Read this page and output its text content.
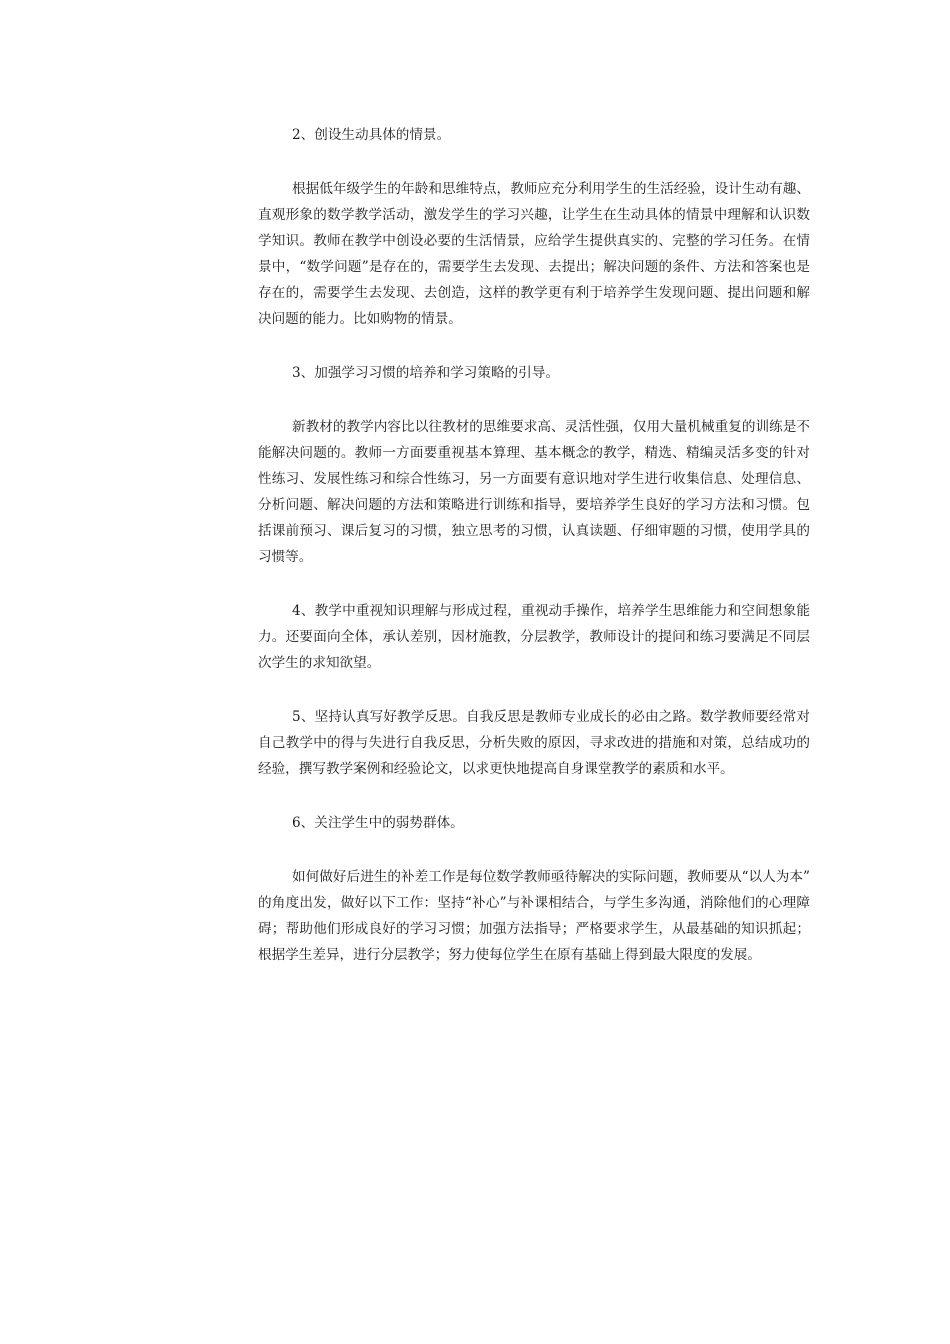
2、创设生动具体的情景。

根据低年级学生的年龄和思维特点，教师应充分利用学生的生活经验，设计生动有趣、直观形象的数学教学活动，激发学生的学习兴趣，让学生在生动具体的情景中理解和认识数学知识。教师在教学中创设必要的生活情景，应给学生提供真实的、完整的学习任务。在情景中，“数学问题”是存在的，需要学生去发现、去提出；解决问题的条件、方法和答案也是存在的，需要学生去发现、去创造，这样的教学更有利于培养学生发现问题、提出问题和解决问题的能力。比如购物的情景。

3、加强学习习惯的培养和学习策略的引导。

新教材的教学内容比以往教材的思维要求高、灵活性强，仅用大量机械重复的训练是不能解决问题的。教师一方面要重视基本算理、基本概念的教学，精选、精编灵活多变的针对性练习、发展性练习和综合性练习，另一方面要有意识地对学生进行收集信息、处理信息、分析问题、解决问题的方法和策略进行训练和指导，要培养学生良好的学习方法和习惯。包括课前预习、课后复习的习惯，独立思考的习惯，认真读题、仔细审题的习惯，使用学具的习惯等。

4、教学中重视知识理解与形成过程，重视动手操作，培养学生思维能力和空间想象能力。还要面向全体，承认差别，因材施教，分层教学，教师设计的提问和练习要满足不同层次学生的求知欲望。

5、坚持认真写好教学反思。自我反思是教师专业成长的必由之路。数学教师要经常对自己教学中的得与失进行自我反思，分析失败的原因，寻求改进的措施和对策，总结成功的经验，撰写教学案例和经验论文，以求更快地提高自身课堂教学的素质和水平。

6、关注学生中的弱势群体。

如何做好后进生的补差工作是每位数学教师亟待解决的实际问题，教师要从“以人为本”的角度出发，做好以下工作：坚持“补心”与补课相结合，与学生多沟通，消除他们的心理障碍；帮助他们形成良好的学习习惯；加强方法指导；严格要求学生，从最基础的知识抓起；根据学生差异，进行分层教学；努力使每位学生在原有基础上得到最大限度的发展。
